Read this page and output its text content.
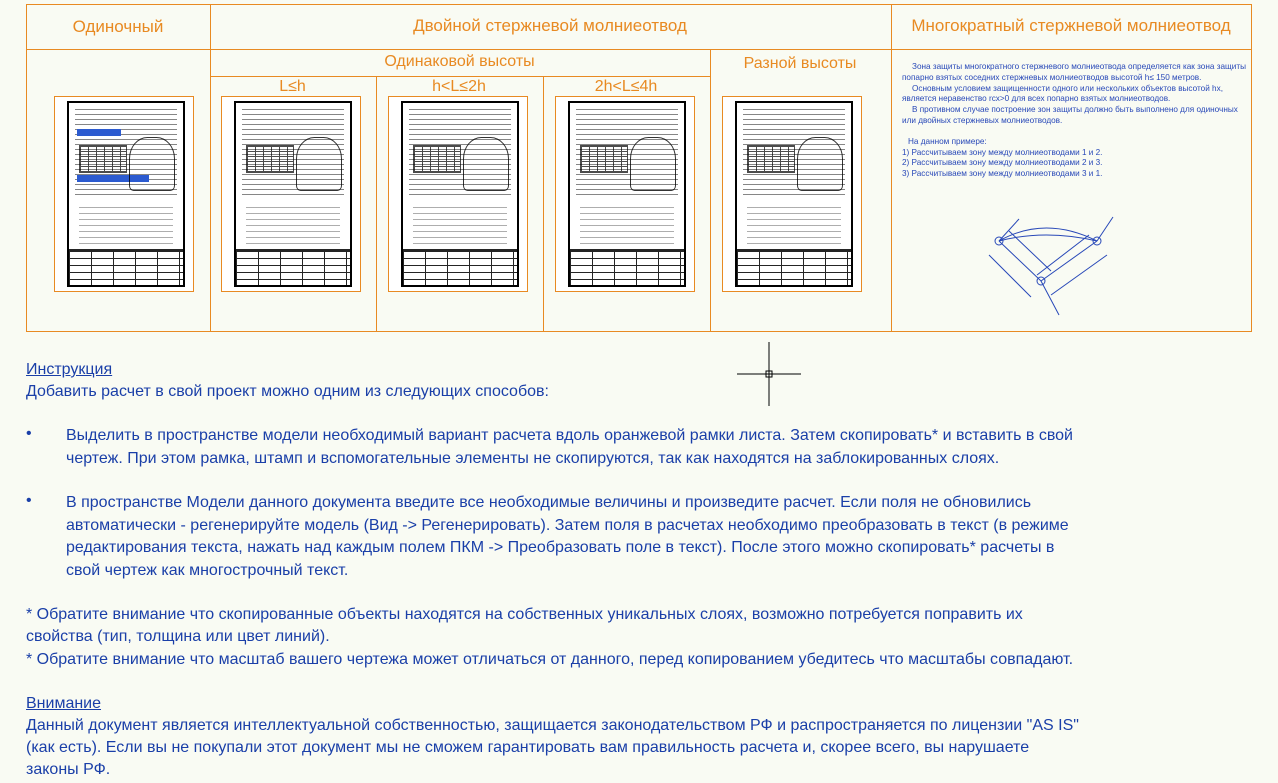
Одиночный	Двойной стержневой молниеотвод	Многократный стержневой молниеотвод
Одинаковой высоты	Разной высоты
L≤h	h<L≤2h	2h<L≤4h

Зона защиты многократного стержневого молниеотвода определяется как зона защиты попарно взятых соседних стержневых молниеотводов высотой h≤ 150 метров.

Основным условием защищенности одного или нескольких объектов высотой hx, является неравенство rcx>0 для всех попарно взятых молниеотводов.

В противном случае построение зон защиты должно быть выполнено для одиночных или двойных стержневых молниеотводов.

На данном примере:

1) Рассчитываем зону между молниеотводами 1 и 2.

2) Рассчитываем зону между молниеотводами 2 и 3.

3) Рассчитываем зону между молниеотводами 3 и 1.

Инструкция
Добавить расчет в свой проект можно одним из следующих способов:
• Выделить в пространстве модели необходимый вариант расчета вдоль оранжевой рамки листа. Затем скопировать* и вставить в свой
чертеж. При этом рамка, штамп и вспомогательные элементы не скопируются, так как находятся на заблокированных слоях.
• В пространстве Модели данного документа введите все необходимые величины и произведите расчет. Если поля не обновились
автоматически - регенерируйте модель (Вид -> Регенерировать). Затем поля в расчетах необходимо преобразовать в текст (в режиме
редактирования текста, нажать над каждым полем ПКМ -> Преобразовать поле в текст). После этого можно скопировать* расчеты в
свой чертеж как многострочный текст.
* Обратите внимание что скопированные объекты находятся на собственных уникальных слоях, возможно потребуется поправить их
свойства (тип, толщина или цвет линий).
* Обратите внимание что масштаб вашего чертежа может отличаться от данного, перед копированием убедитесь что масштабы совпадают.
Внимание
Данный документ является интеллектуальной собственностью, защищается законодательством РФ и распространяется по лицензии "AS IS"
(как есть). Если вы не покупали этот документ мы не сможем гарантировать вам правильность расчета и, скорее всего, вы нарушаете
законы РФ.
